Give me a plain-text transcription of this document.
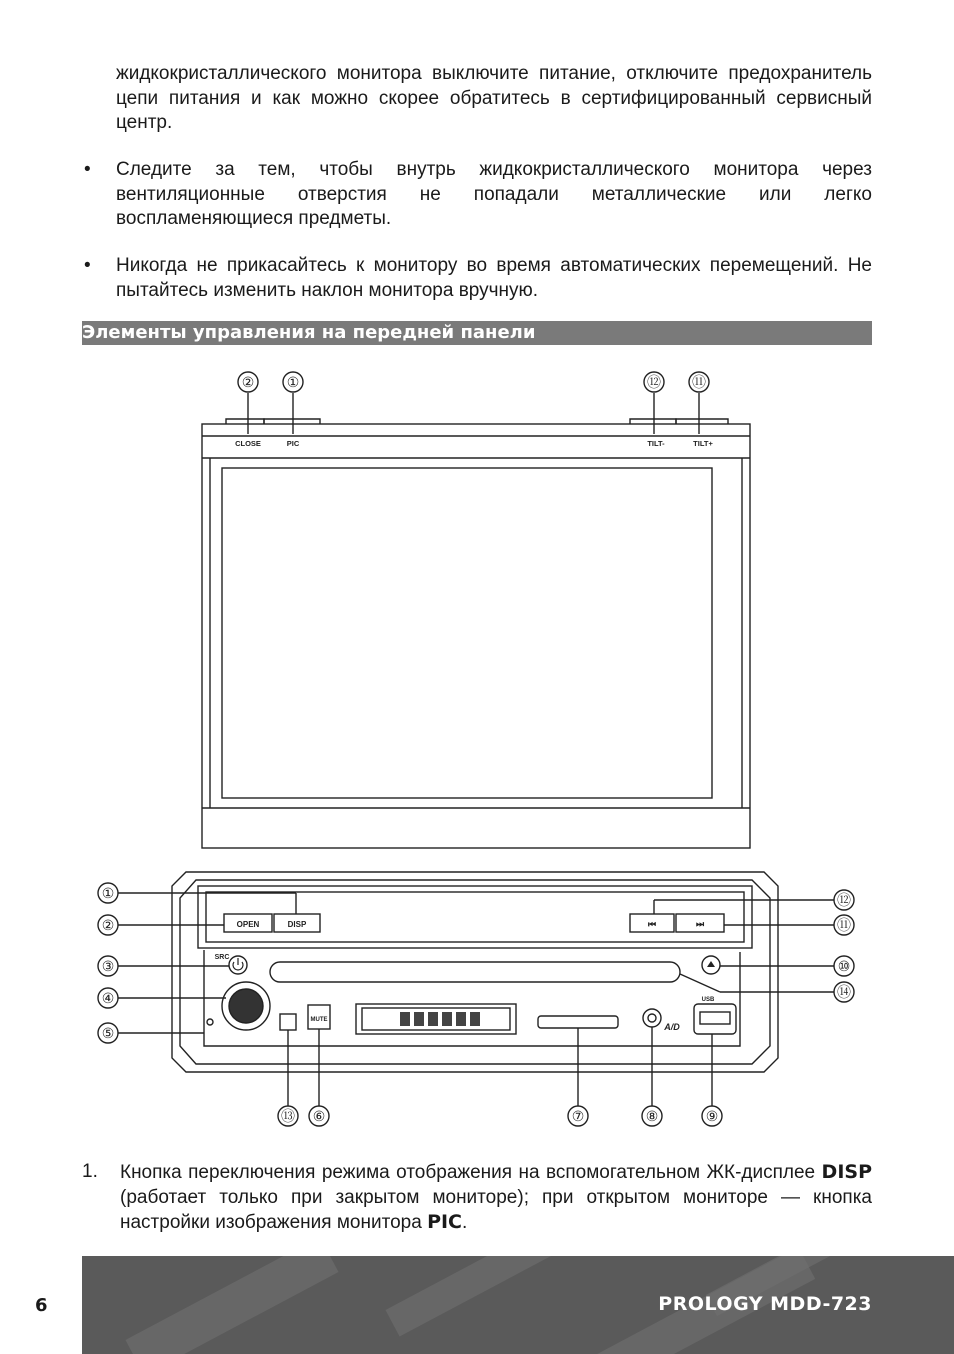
жидкокристаллического монитора выключите питание, отключите предохранитель цепи питания и как можно скорее обратитесь в сертифицированный сервисный центр.

• Следите за тем, чтобы внутрь жидкокристаллического монитора через вентиляционные отверстия не попадали металлические или легко воспламеняющиеся предметы.

• Никогда не прикасайтесь к монитору во время автоматических перемещений. Не пытайтесь изменить наклон монитора вручную.

Элементы управления на передней панели
CLOSE	PIC	TILT-	TILT+
OPEN	DISP	⏮	⏭
SRC
MUTE
A/D
USB
② ①	⑫ ⑪
①
②
③
④
⑤
⑫
⑪
⑩
⑭
⑬ ⑥	⑦	⑧	⑨
1. Кнопка переключения режима отображения на вспомогательном ЖК-дисплее DISP (работает только при закрытом мониторе); при открытом мониторе — кнопка настройки изображения монитора PIC.
PROLOGY MDD-723
6
